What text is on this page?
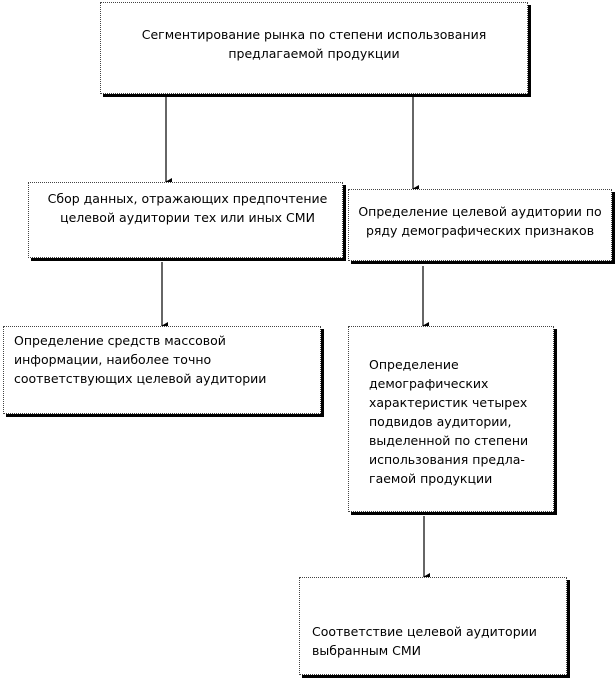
Сегментирование рынка по степени использования предлагаемой продукции
Сбор данных, отражающих предпочтение целевой аудитории тех или иных СМИ	Определение целевой аудитории по ряду демографических признаков
Определение средств массовой информации, наиболее точно соответствующих целевой аудитории
Определение демографических характеристик четырех подвидов аудитории, выделенной по степени использования предла-гаемой продукции
Соответствие целевой аудитории выбранным СМИ
